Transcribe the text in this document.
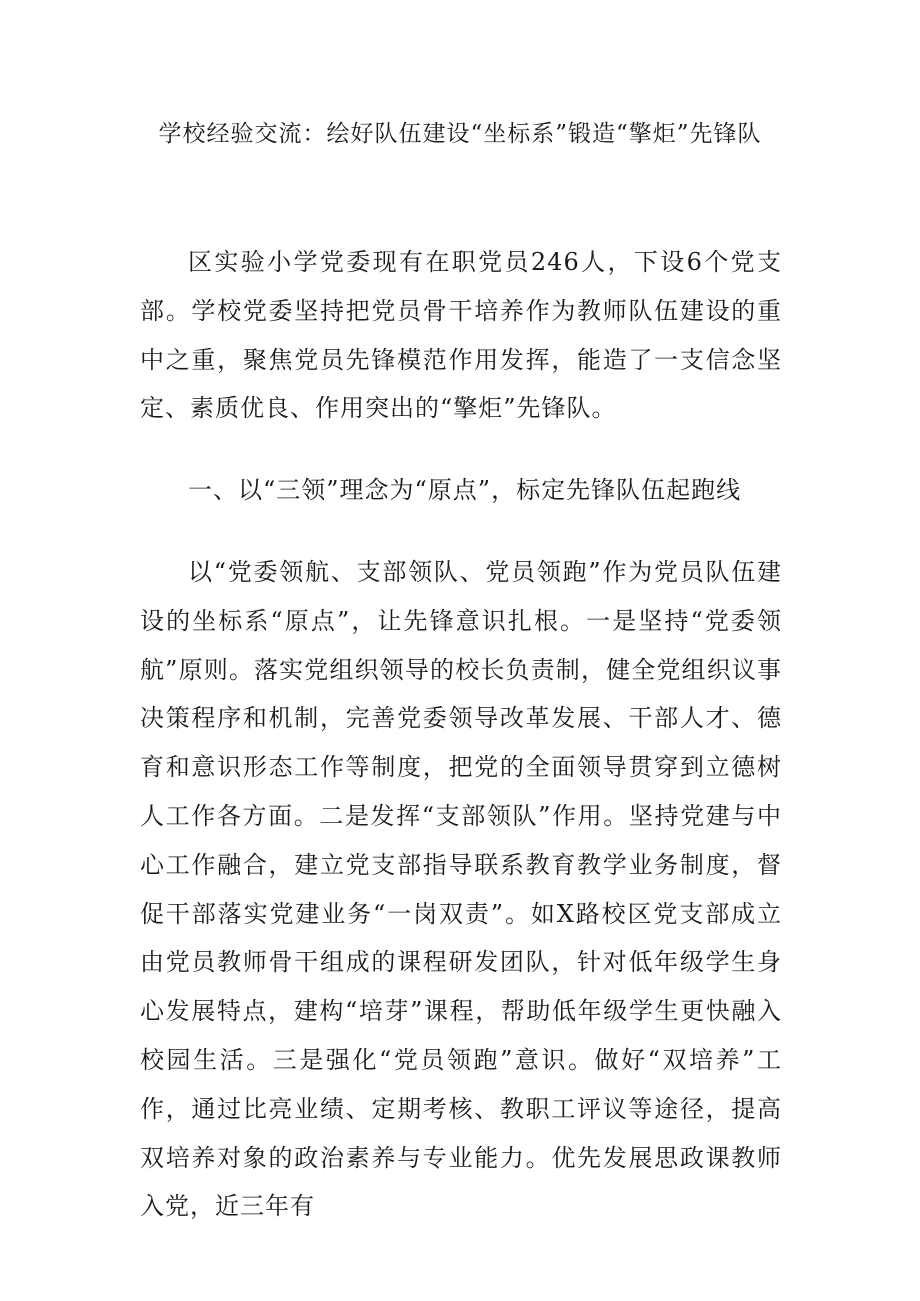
学校经验交流：绘好队伍建设“坐标系”锻造“擎炬”先锋队
区实验小学党委现有在职党员246人，下设6个党支部。学校党委坚持把党员骨干培养作为教师队伍建设的重中之重，聚焦党员先锋模范作用发挥，能造了一支信念坚定、素质优良、作用突出的“擎炬”先锋队。
一、以“三领”理念为“原点”，标定先锋队伍起跑线
以“党委领航、支部领队、党员领跑”作为党员队伍建设的坐标系“原点”，让先锋意识扎根。一是坚持“党委领航”原则。落实党组织领导的校长负责制，健全党组织议事决策程序和机制，完善党委领导改革发展、干部人才、德育和意识形态工作等制度，把党的全面领导贯穿到立德树人工作各方面。二是发挥“支部领队”作用。坚持党建与中心工作融合，建立党支部指导联系教育教学业务制度，督促干部落实党建业务“一岗双责”。如X路校区党支部成立由党员教师骨干组成的课程研发团队，针对低年级学生身心发展特点，建构“培芽”课程，帮助低年级学生更快融入校园生活。三是强化“党员领跑”意识。做好“双培养”工作，通过比亮业绩、定期考核、教职工评议等途径，提高双培养对象的政治素养与专业能力。优先发展思政课教师入党，近三年有
